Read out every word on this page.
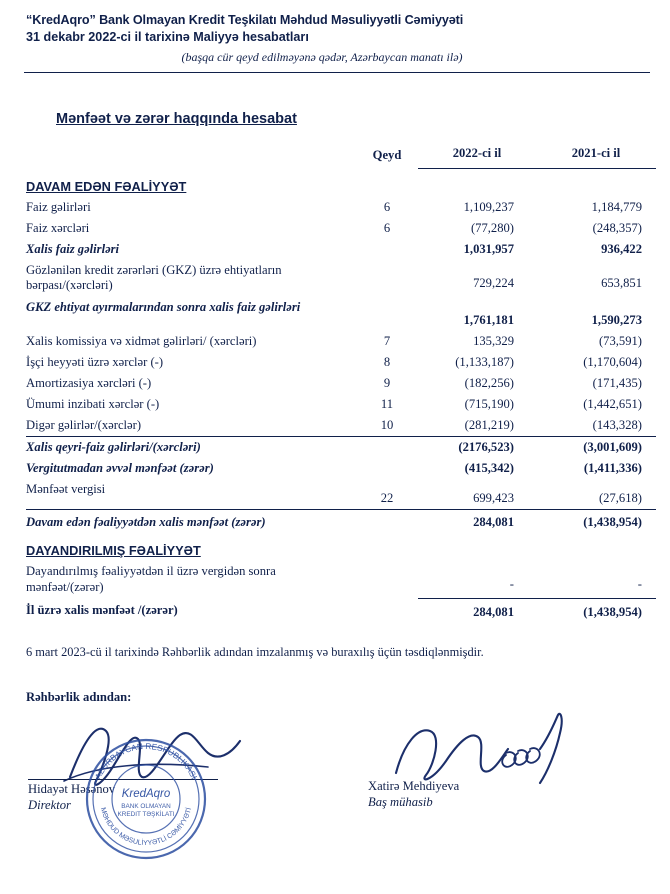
“KredAqro” Bank Olmayan Kredit Teşkilatı Məhdud Məsuliyyətli Cəmiyyəti
31 dekabr 2022-ci il tarixinə Maliyyə hesabatları
(başqa cür qeyd edilməyənə qədər, Azərbaycan manatı ilə)
Mənfəət və zərər haqqında hesabat
	Qeyd	2022-ci il	2021-ci il

DAVAM EDƏN FƏALİYYƏT			
Faiz gəlirləri	6	1,109,237	1,184,779
Faiz xərcləri	6	(77,280)	(248,357)
Xalis faiz gəlirləri		1,031,957	936,422
Gözlənilən kredit zərərləri (GKZ) üzrə ehtiyatların bərpası/(xərcləri)		729,224	653,851
GKZ ehtiyat ayırmalarından sonra xalis faiz gəlirləri		1,761,181	1,590,273
Xalis komissiya və xidmət gəlirləri/ (xərcləri)	7	135,329	(73,591)
İşçi heyyəti üzrə xərclər (-)	8	(1,133,187)	(1,170,604)
Amortizasiya xərcləri (-)	9	(182,256)	(171,435)
Ümumi inzibati xərclər (-)	11	(715,190)	(1,442,651)
Digər gəlirlər/(xərclər)	10	(281,219)	(143,328)
Xalis qeyri-faiz gəlirləri/(xərcləri)		(2176,523)	(3,001,609)
Vergitutmadan əvvəl mənfəət (zərər)		(415,342)	(1,411,336)
Mənfəət vergisi	22	699,423	(27,618)
Davam edən fəaliyyətdən xalis mənfəət (zərər)		284,081	(1,438,954)
DAYANDIRILMIŞ FƏALİYYƏT			
Dayandırılmış fəaliyyətdən il üzrə vergidən sonra mənfəət/(zərər)		-	-
İl üzrə xalis mənfəət /(zərər)		284,081	(1,438,954)
6 mart 2023-cü il tarixində Rəhbərlik adından imzalanmış və buraxılış üçün təsdiqlənmişdir.
Rəhbərlik adından:
Hidayət Həsənov
Direktor
Xatirə Mehdiyeva
Baş mühasib
AZƏRBAYCAN RESPUBLIKASI
MƏHDUD MƏSULİYYƏTLİ CƏMİYYƏTİ
KredAqro
BANK OLMAYAN
KREDIT TƏŞKİLATI
